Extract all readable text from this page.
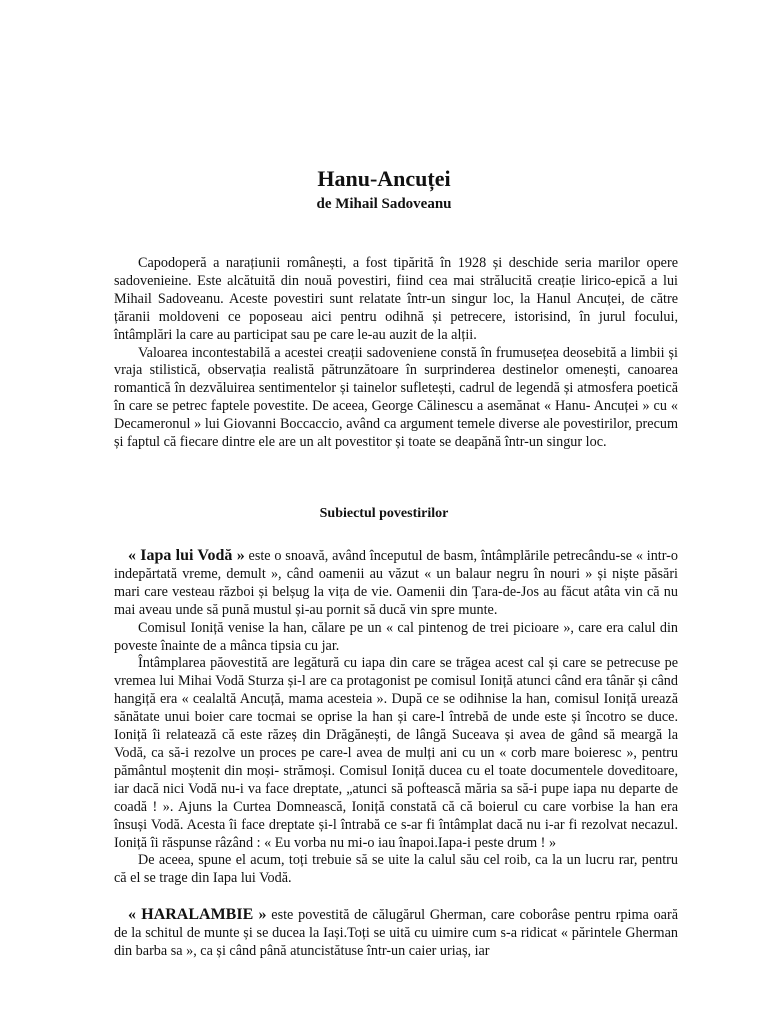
Hanu-Ancuței
de Mihail Sadoveanu

Capodoperă a narațiunii românești, a fost tipărită în 1928 și deschide seria marilor opere sadovenieine. Este alcătuită din nouă povestiri, fiind cea mai strălucită creație lirico-epică a lui Mihail Sadoveanu. Aceste povestiri sunt relatate într-un singur loc, la Hanul Ancuței, de către țăranii moldoveni ce poposeau aici pentru odihnă și petrecere, istorisind, în jurul focului, întâmplări la care au participat sau pe care le-au auzit de la alții.

Valoarea incontestabilă a acestei creații sadoveniene constă în frumusețea deosebită a limbii și vraja stilistică, observația realistă pătrunzătoare în surprinderea destinelor omenești, canoarea romantică în dezvăluirea sentimentelor și tainelor sufletești, cadrul de legendă și atmosfera poetică în care se petrec faptele povestite. De aceea, George Călinescu a asemănat « Hanu- Ancuței » cu « Decameronul » lui Giovanni Boccaccio, având ca argument temele diverse ale povestirilor, precum și faptul că fiecare dintre ele are un alt povestitor și toate se deapănă într-un singur loc.

Subiectul povestirilor

« Iapa lui Vodă » este o snoavă, având începutul de basm, întâmplările petrecându-se « intr-o indepărtată vreme, demult », când oamenii au văzut « un balaur negru în nouri » și niște păsări mari care vesteau război și belșug la vița de vie. Oamenii din Țara-de-Jos au făcut atâta vin că nu mai aveau unde să pună mustul și-au pornit să ducă vin spre munte.

Comisul Ioniță venise la han, călare pe un « cal pintenog de trei picioare », care era calul din poveste înainte de a mânca tipsia cu jar.

Întâmplarea păovestită are legătură cu iapa din care se trăgea acest cal și care se petrecuse pe vremea lui Mihai Vodă Sturza și-l are ca protagonist pe comisul Ioniță atunci când era tânăr și când hangiță era « cealaltă Ancuță, mama acesteia ». După ce se odihnise la han, comisul Ioniță urează sănătate unui boier care tocmai se oprise la han și care-l întrebă de unde este și încotro se duce. Ioniță îi relatează că este răzeș din Drăgănești, de lângă Suceava și avea de gând să meargă la Vodă, ca să-i rezolve un proces pe care-l avea de mulți ani cu un « corb mare boieresc », pentru pământul moștenit din moși- strămoși. Comisul Ioniță ducea cu el toate documentele doveditoare, iar dacă nici Vodă nu-i va face dreptate, „atunci să poftească măria sa să-i pupe iapa nu departe de coadă ! ». Ajuns la Curtea Domnească, Ioniță constată că că boierul cu care vorbise la han era însuși Vodă. Acesta îi face dreptate și-l întrabă ce s-ar fi întâmplat dacă nu i-ar fi rezolvat necazul. Ioniță îi răspunse râzând : « Eu vorba nu mi-o iau înapoi.Iapa-i peste drum ! »

De aceea, spune el acum, toți trebuie să se uite la calul său cel roib, ca la un lucru rar, pentru că el se trage din Iapa lui Vodă.

« HARALAMBIE » este povestită de călugărul Gherman, care coborâse pentru rpima oară de la schitul de munte și se ducea la Iași.Toți se uită cu uimire cum s-a ridicat « părintele Gherman din barba sa », ca și când până atuncistătuse într-un caier uriaș, iar
